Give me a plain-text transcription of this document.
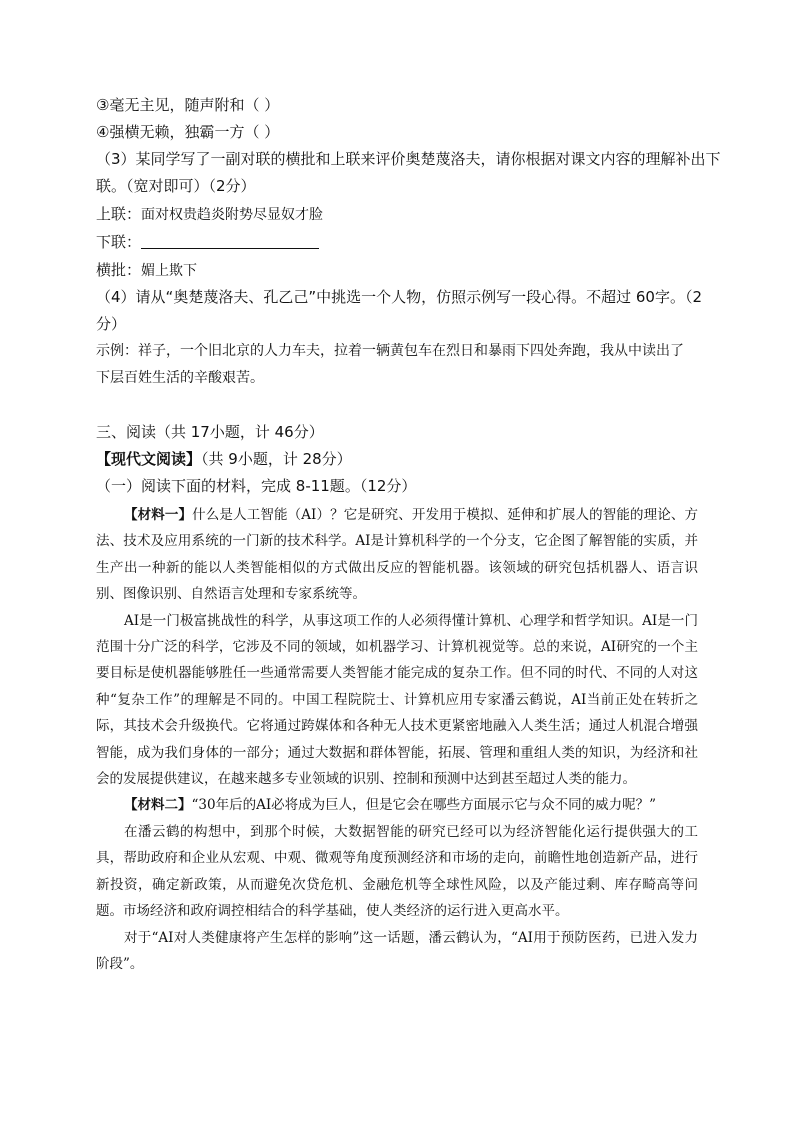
③毫无主见，随声附和（ ）
④强横无赖，独霸一方（ ）
（3）某同学写了一副对联的横批和上联来评价奥楚蔑洛夫，请你根据对课文内容的理解补出下
联。（宽对即可）（2分）
上联：面对权贵趋炎附势尽显奴才脸
下联：
横批：媚上欺下
（4）请从“奥楚蔑洛夫、孔乙己”中挑选一个人物，仿照示例写一段心得。不超过 60字。（2
分）
示例：祥子，一个旧北京的人力车夫，拉着一辆黄包车在烈日和暴雨下四处奔跑，我从中读出了
下层百姓生活的辛酸艰苦。
三、阅读（共 17小题，计 46分）
【现代文阅读】（共 9小题，计 28分）
（一）阅读下面的材料，完成 8-11题。（12分）

【材料一】什么是人工智能（AI）？它是研究、开发用于模拟、延伸和扩展人的智能的理论、方法、技术及应用系统的一门新的技术科学。AI是计算机科学的一个分支，它企图了解智能的实质，并生产出一种新的能以人类智能相似的方式做出反应的智能机器。该领域的研究包括机器人、语言识别、图像识别、自然语言处理和专家系统等。

AI是一门极富挑战性的科学，从事这项工作的人必须得懂计算机、心理学和哲学知识。AI是一门范围十分广泛的科学，它涉及不同的领域，如机器学习、计算机视觉等。总的来说，AI研究的一个主要目标是使机器能够胜任一些通常需要人类智能才能完成的复杂工作。但不同的时代、不同的人对这种“复杂工作”的理解是不同的。中国工程院院士、计算机应用专家潘云鹤说，AI当前正处在转折之际，其技术会升级换代。它将通过跨媒体和各种无人技术更紧密地融入人类生活；通过人机混合增强智能，成为我们身体的一部分；通过大数据和群体智能，拓展、管理和重组人类的知识，为经济和社会的发展提供建议，在越来越多专业领域的识别、控制和预测中达到甚至超过人类的能力。

【材料二】“30年后的AI必将成为巨人，但是它会在哪些方面展示它与众不同的威力呢？”

在潘云鹤的构想中，到那个时候，大数据智能的研究已经可以为经济智能化运行提供强大的工具，帮助政府和企业从宏观、中观、微观等角度预测经济和市场的走向，前瞻性地创造新产品，进行新投资，确定新政策，从而避免次贷危机、金融危机等全球性风险，以及产能过剩、库存畸高等问题。市场经济和政府调控相结合的科学基础，使人类经济的运行进入更高水平。

对于“AI对人类健康将产生怎样的影响”这一话题，潘云鹤认为，“AI用于预防医药，已进入发力阶段”。
